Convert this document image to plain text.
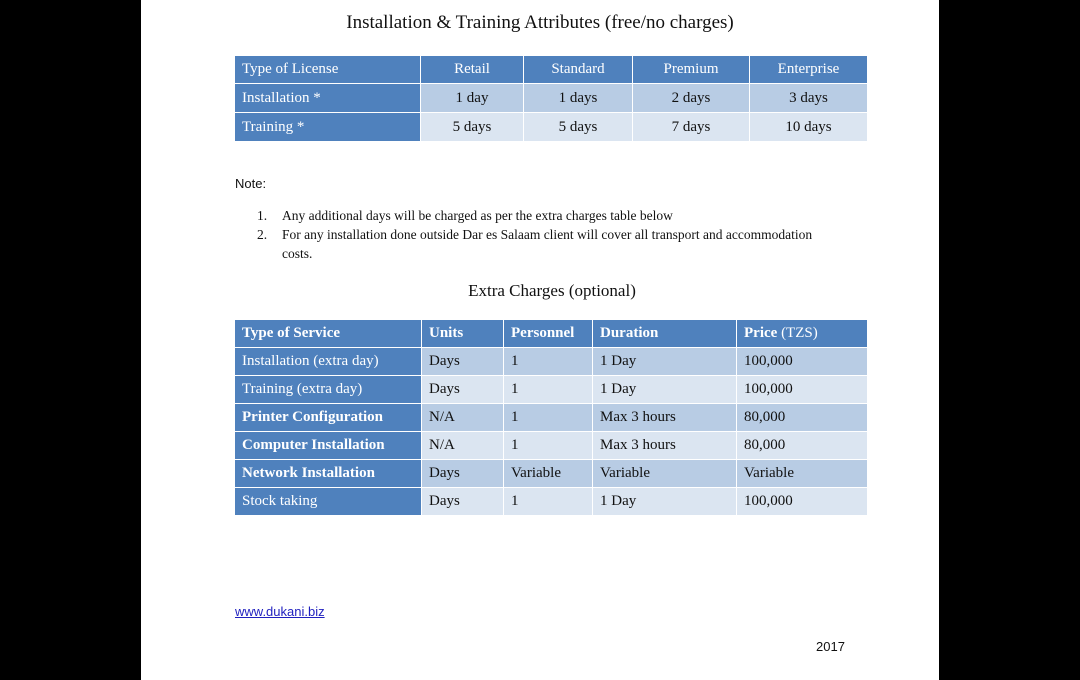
Installation & Training Attributes (free/no charges)
Type of License	Retail	Standard	Premium	Enterprise
Installation *	1 day	1 days	2 days	3 days
Training *	5 days	5 days	7 days	10 days
Note:
1. Any additional days will be charged as per the extra charges table below
2. For any installation done outside Dar es Salaam client will cover all transport and accommodation costs.
Extra Charges (optional)
Type of Service	Units	Personnel	Duration	Price (TZS)
Installation (extra day)	Days	1	1 Day	100,000
Training (extra day)	Days	1	1 Day	100,000
Printer Configuration	N/A	1	Max 3 hours	80,000
Computer Installation	N/A	1	Max 3 hours	80,000
Network Installation	Days	Variable	Variable	Variable
Stock taking	Days	1	1 Day	100,000
www.dukani.biz
2017
